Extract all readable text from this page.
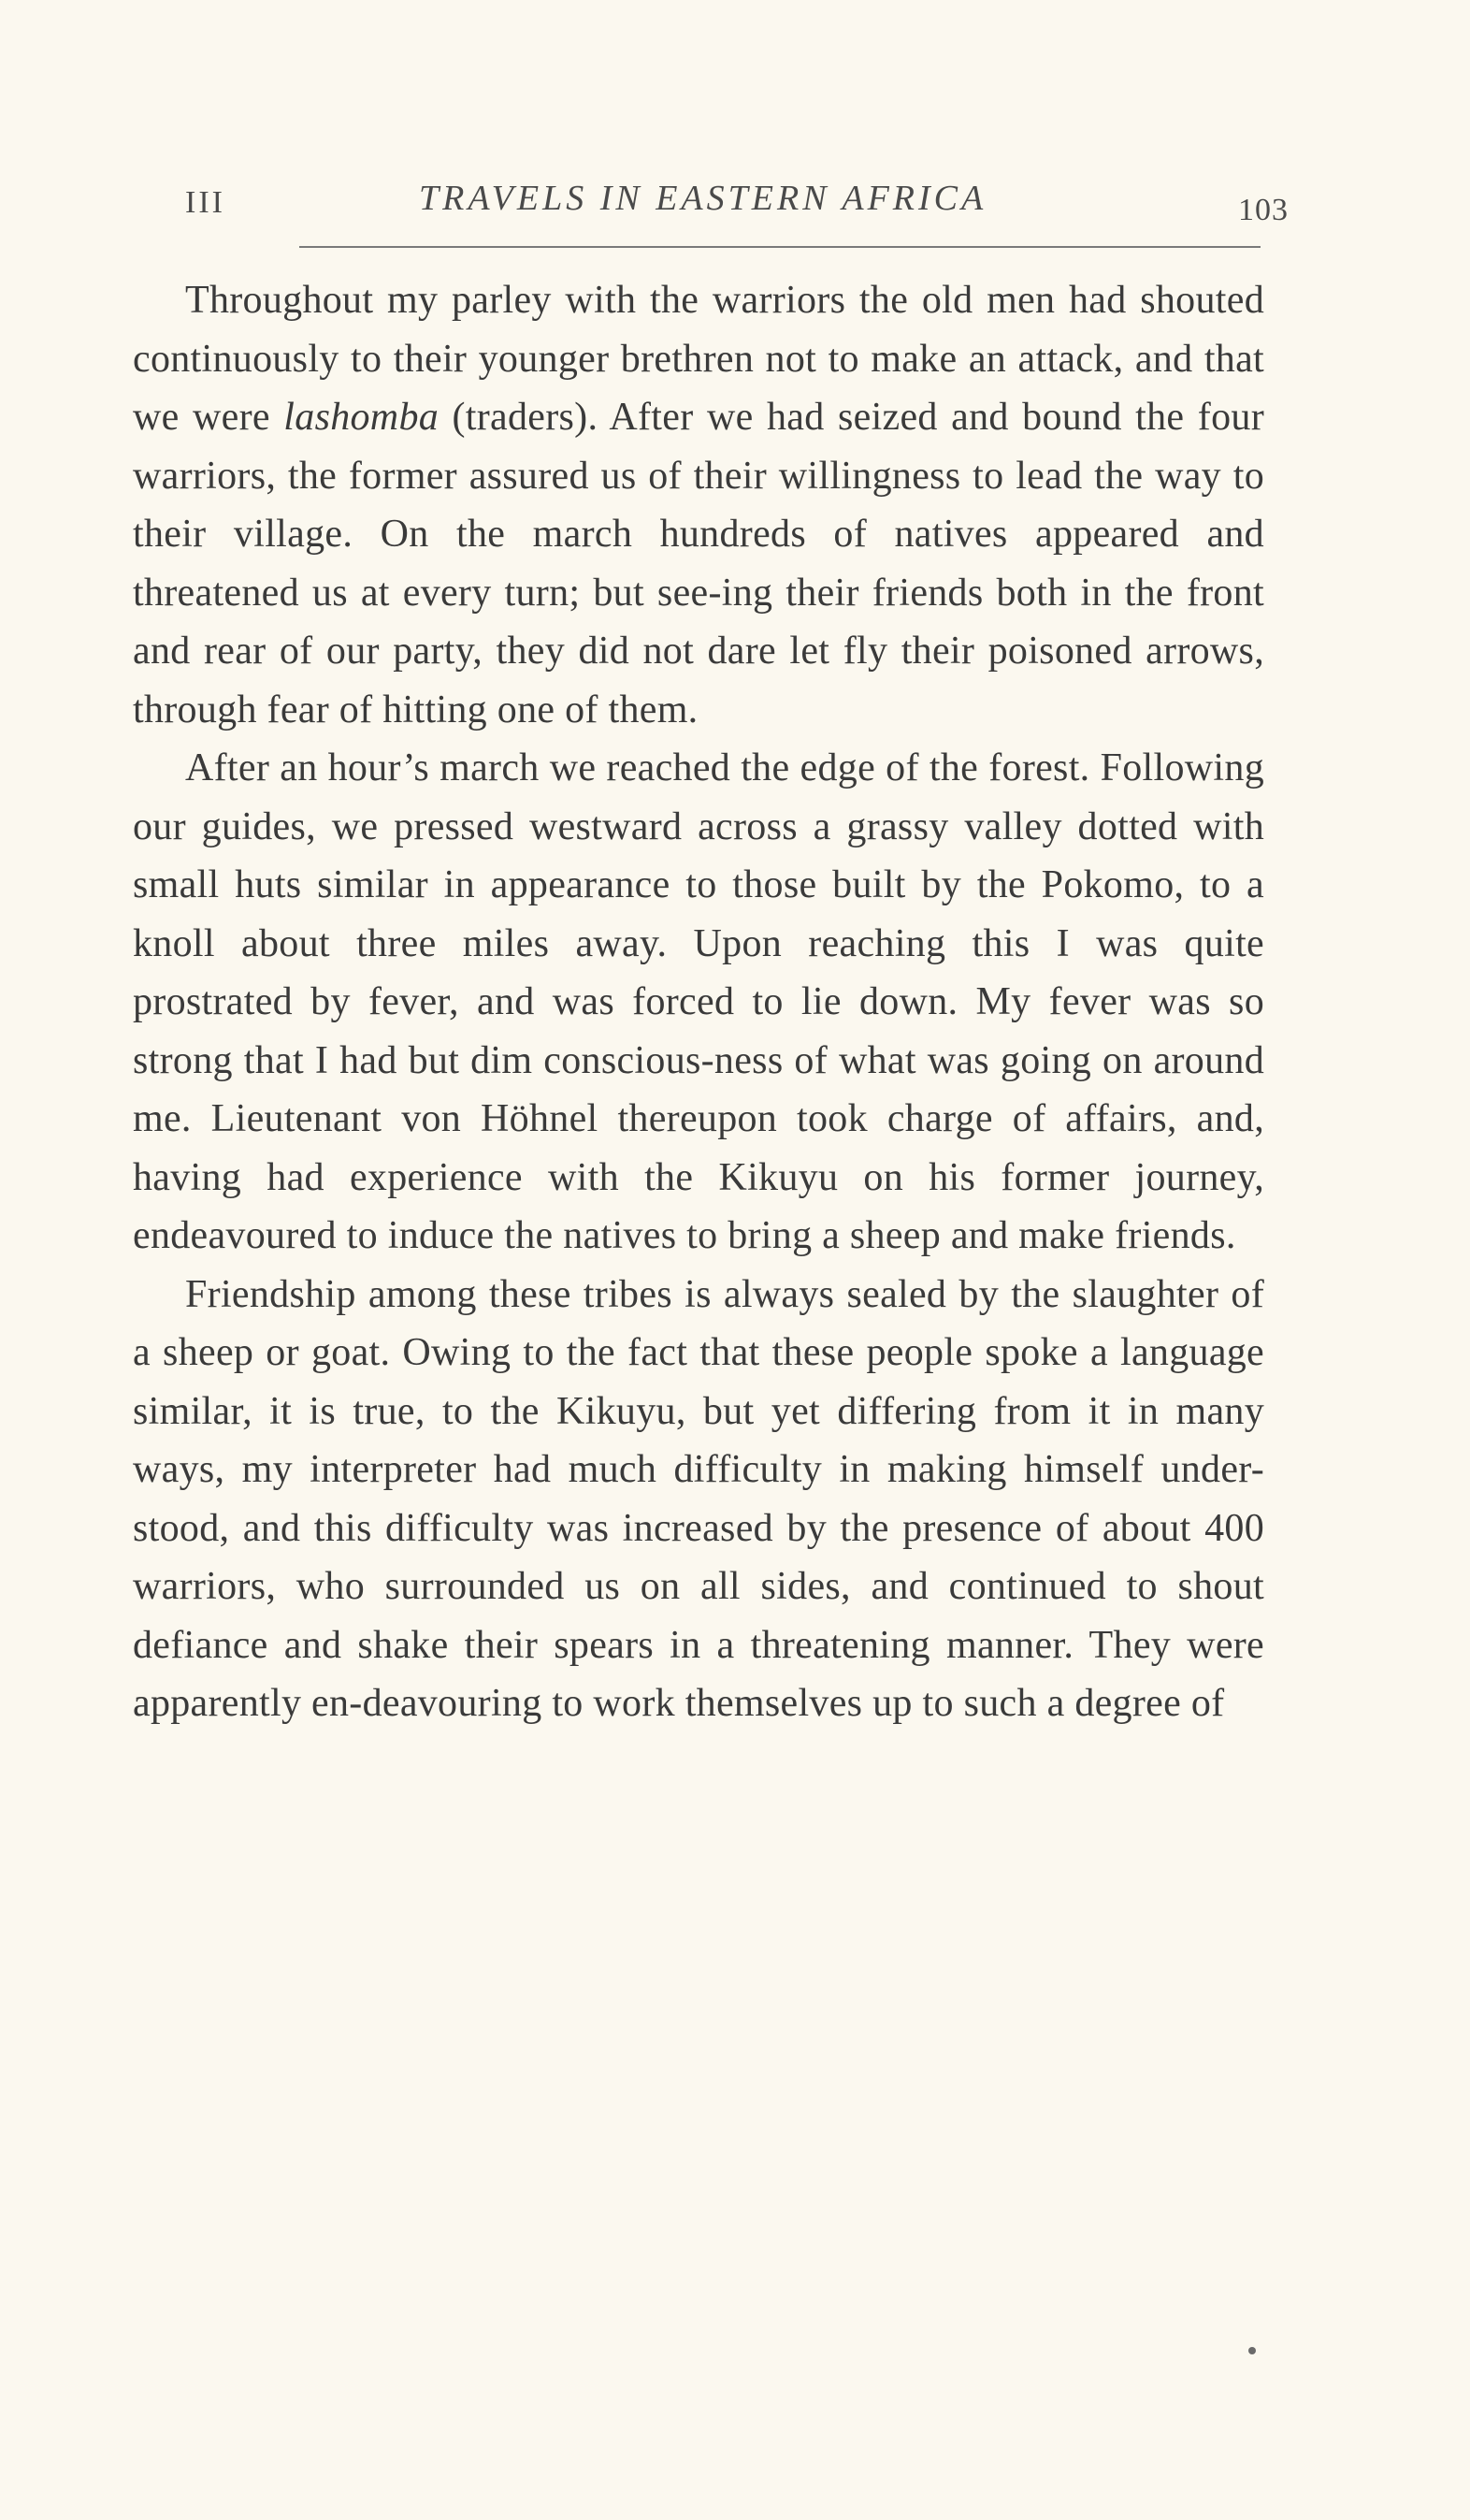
III	TRAVELS IN EASTERN AFRICA	103

Throughout my parley with the warriors the old men had shouted continuously to their younger brethren not to make an attack, and that we were lashomba (traders). After we had seized and bound the four warriors, the former assured us of their willingness to lead the way to their village. On the march hundreds of natives appeared and threatened us at every turn; but see-ing their friends both in the front and rear of our party, they did not dare let fly their poisoned arrows, through fear of hitting one of them.

After an hour’s march we reached the edge of the forest. Following our guides, we pressed westward across a grassy valley dotted with small huts similar in appearance to those built by the Pokomo, to a knoll about three miles away. Upon reaching this I was quite prostrated by fever, and was forced to lie down. My fever was so strong that I had but dim conscious-ness of what was going on around me. Lieutenant von Höhnel thereupon took charge of affairs, and, having had experience with the Kikuyu on his former journey, endeavoured to induce the natives to bring a sheep and make friends.

Friendship among these tribes is always sealed by the slaughter of a sheep or goat. Owing to the fact that these people spoke a language similar, it is true, to the Kikuyu, but yet differing from it in many ways, my interpreter had much difficulty in making himself under-stood, and this difficulty was increased by the presence of about 400 warriors, who surrounded us on all sides, and continued to shout defiance and shake their spears in a threatening manner. They were apparently en-deavouring to work themselves up to such a degree of
